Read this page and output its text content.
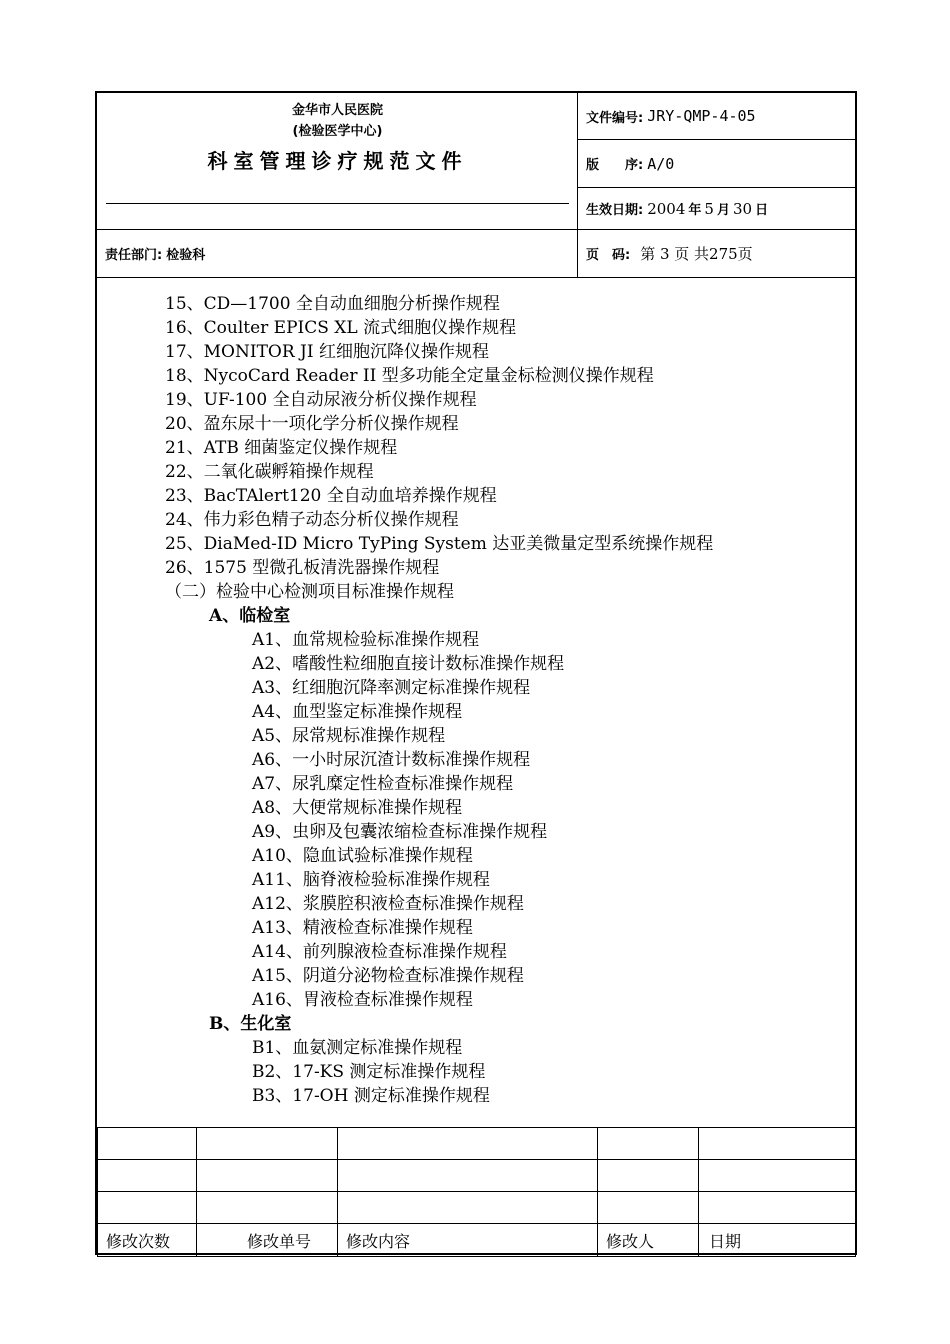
金华市人民医院
(检验医学中心)
科室管理诊疗规范文件
文件编号: JRY-QMP-4-05
版　　序: A/0
生效日期: 2004 年 5 月 30 日
责任部门: 检验科	页　码: 第 3 页 共275页
15、CD—1700 全自动血细胞分析操作规程
16、Coulter EPICS XL 流式细胞仪操作规程
17、MONITOR JI 红细胞沉降仪操作规程
18、NycoCard Reader II 型多功能全定量金标检测仪操作规程
19、UF-100 全自动尿液分析仪操作规程
20、盈东尿十一项化学分析仪操作规程
21、ATB 细菌鉴定仪操作规程
22、二氧化碳孵箱操作规程
23、BacTAlert120 全自动血培养操作规程
24、伟力彩色精子动态分析仪操作规程
25、DiaMed-ID Micro TyPing System 达亚美微量定型系统操作规程
26、1575 型微孔板清洗器操作规程
（二）检验中心检测项目标准操作规程
A、临检室
A1、血常规检验标准操作规程
A2、嗜酸性粒细胞直接计数标准操作规程
A3、红细胞沉降率测定标准操作规程
A4、血型鉴定标准操作规程
A5、尿常规标准操作规程
A6、一小时尿沉渣计数标准操作规程
A7、尿乳糜定性检查标准操作规程
A8、大便常规标准操作规程
A9、虫卵及包囊浓缩检查标准操作规程
A10、隐血试验标准操作规程
A11、脑脊液检验标准操作规程
A12、浆膜腔积液检查标准操作规程
A13、精液检查标准操作规程
A14、前列腺液检查标准操作规程
A15、阴道分泌物检查标准操作规程
A16、胃液检查标准操作规程
B、生化室
B1、血氨测定标准操作规程
B2、17-KS 测定标准操作规程
B3、17-OH 测定标准操作规程

修改次数	修改单号	修改内容	修改人	日期
